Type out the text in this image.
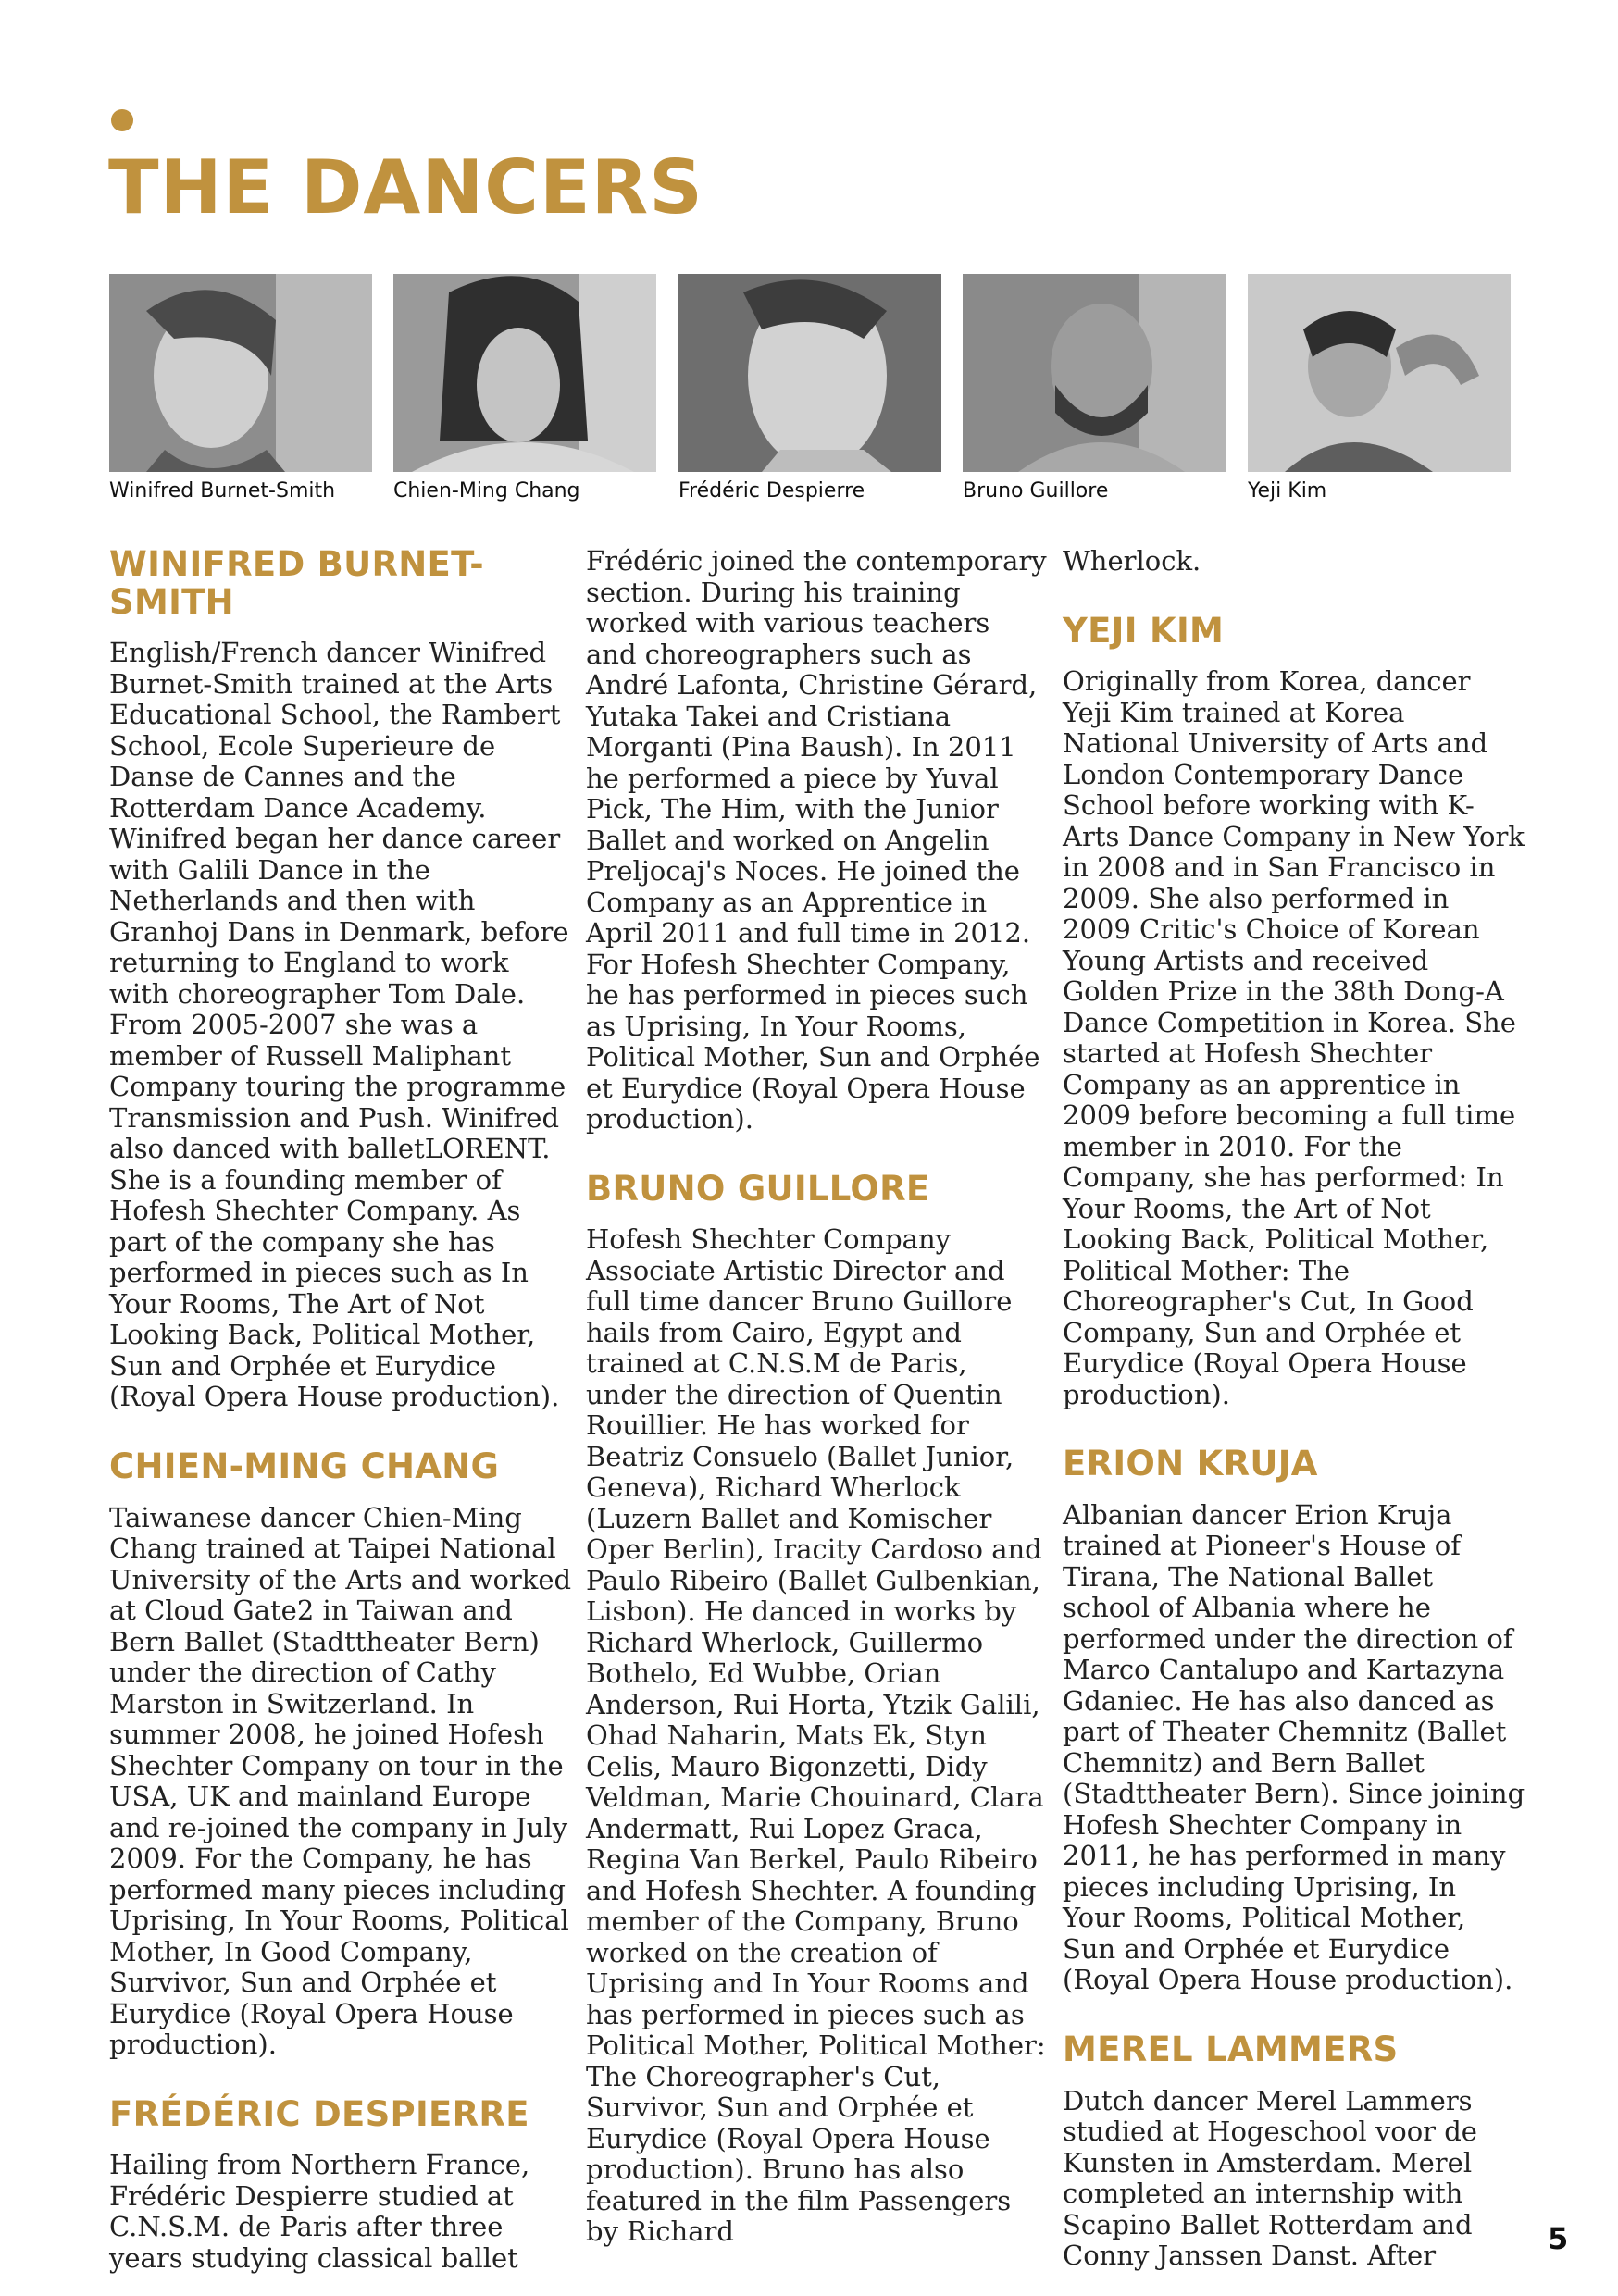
THE DANCERS
Winifred Burnet-Smith	Chien-Ming Chang	Frédéric Despierre	Bruno Guillore	Yeji Kim
WINIFRED BURNET-SMITH

English/French dancer Winifred Burnet-Smith trained at the Arts Educational School, the Rambert School, Ecole Superieure de Danse de Cannes and the Rotterdam Dance Academy. Winifred began her dance career with Galili Dance in the Netherlands and then with Granhoj Dans in Denmark, before returning to England to work with choreographer Tom Dale. From 2005-2007 she was a member of Russell Maliphant Company touring the programme Transmission and Push. Winifred also danced with balletLORENT. She is a founding member of Hofesh Shechter Company. As part of the company she has performed in pieces such as In Your Rooms, The Art of Not Looking Back, Political Mother, Sun and Orphée et Eurydice (Royal Opera House production).

CHIEN-MING CHANG

Taiwanese dancer Chien-Ming Chang trained at Taipei National University of the Arts and worked at Cloud Gate2 in Taiwan and Bern Ballet (Stadttheater Bern) under the direction of Cathy Marston in Switzerland. In summer 2008, he joined Hofesh Shechter Company on tour in the USA, UK and mainland Europe and re-joined the company in July 2009. For the Company, he has performed many pieces including Uprising, In Your Rooms, Political Mother, In Good Company, Survivor, Sun and Orphée et Eurydice (Royal Opera House production).

FRÉDÉRIC DESPIERRE

Hailing from Northern France, Frédéric Despierre studied at C.N.S.M. de Paris after three years studying classical ballet

Frédéric joined the contemporary section. During his training worked with various teachers and choreographers such as André Lafonta, Christine Gérard, Yutaka Takei and Cristiana Morganti (Pina Baush). In 2011 he performed a piece by Yuval Pick, The Him, with the Junior Ballet and worked on Angelin Preljocaj's Noces. He joined the Company as an Apprentice in April 2011 and full time in 2012. For Hofesh Shechter Company, he has performed in pieces such as Uprising, In Your Rooms, Political Mother, Sun and Orphée et Eurydice (Royal Opera House production).

BRUNO GUILLORE

Hofesh Shechter Company Associate Artistic Director and full time dancer Bruno Guillore hails from Cairo, Egypt and trained at C.N.S.M de Paris, under the direction of Quentin Rouillier. He has worked for Beatriz Consuelo (Ballet Junior, Geneva), Richard Wherlock (Luzern Ballet and Komischer Oper Berlin), Iracity Cardoso and Paulo Ribeiro (Ballet Gulbenkian, Lisbon). He danced in works by Richard Wherlock, Guillermo Bothelo, Ed Wubbe, Orian Anderson, Rui Horta, Ytzik Galili, Ohad Naharin, Mats Ek, Styn Celis, Mauro Bigonzetti, Didy Veldman, Marie Chouinard, Clara Andermatt, Rui Lopez Graca, Regina Van Berkel, Paulo Ribeiro and Hofesh Shechter. A founding member of the Company, Bruno worked on the creation of Uprising and In Your Rooms and has performed in pieces such as Political Mother, Political Mother: The Choreographer's Cut, Survivor, Sun and Orphée et Eurydice (Royal Opera House production). Bruno has also featured in the film Passengers by Richard

Wherlock.

YEJI KIM

Originally from Korea, dancer Yeji Kim trained at Korea National University of Arts and London Contemporary Dance School before working with K-Arts Dance Company in New York in 2008 and in San Francisco in 2009. She also performed in 2009 Critic's Choice of Korean Young Artists and received Golden Prize in the 38th Dong-A Dance Competition in Korea. She started at Hofesh Shechter Company as an apprentice in 2009 before becoming a full time member in 2010. For the Company, she has performed: In Your Rooms, the Art of Not Looking Back, Political Mother, Political Mother: The Choreographer's Cut, In Good Company, Sun and Orphée et Eurydice (Royal Opera House production).

ERION KRUJA

Albanian dancer Erion Kruja trained at Pioneer's House of Tirana, The National Ballet school of Albania where he performed under the direction of Marco Cantalupo and Kartazyna Gdaniec. He has also danced as part of Theater Chemnitz (Ballet Chemnitz) and Bern Ballet (Stadttheater Bern). Since joining Hofesh Shechter Company in 2011, he has performed in many pieces including Uprising, In Your Rooms, Political Mother, Sun and Orphée et Eurydice (Royal Opera House production).

MEREL LAMMERS

Dutch dancer Merel Lammers studied at Hogeschool voor de Kunsten in Amsterdam. Merel completed an internship with Scapino Ballet Rotterdam and Conny Janssen Danst. After	5
